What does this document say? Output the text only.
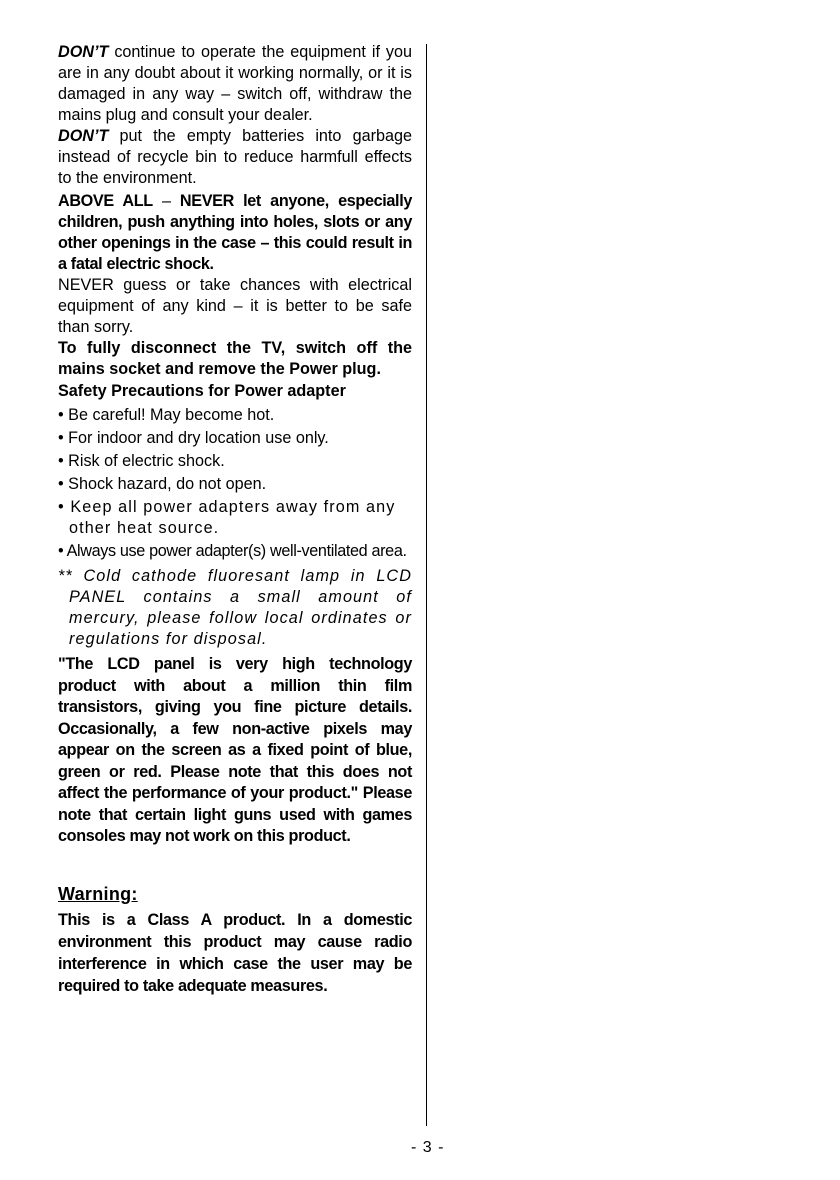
DON’T continue to operate the equipment if you are in any doubt about it working normally, or it is damaged in any way – switch off, withdraw the mains plug and consult your dealer.

DON’T put the empty batteries into garbage instead of recycle bin to reduce harmfull effects to the environment.

ABOVE ALL – NEVER let anyone, especially children, push anything into holes, slots or any other openings in the case – this could result in a fatal electric shock.

NEVER guess or take chances with electrical equipment of any kind – it is better to be safe than sorry.

To fully disconnect the TV, switch off the mains socket and remove the Power plug.

Safety Precautions for Power adapter

• Be careful! May become hot.

• For indoor and dry location use only.

• Risk of electric shock.

• Shock hazard, do not open.

• Keep all power adapters away from any other heat source.

• Always use power adapter(s) well-ventilated area.

** Cold cathode fluoresant lamp in LCD PANEL contains a small amount of mercury, please follow local ordinates or regulations for disposal.

"The LCD panel is very high technology product with about a million thin film transistors, giving you fine picture details. Occasionally, a few non-active pixels may appear on the screen as a fixed point of blue, green or red. Please note that this does not affect the performance of your product." Please note that certain light guns used with games consoles may not work on this product.

Warning:

This is a Class A product. In a domestic environment this product may cause radio interference in which case the user may be required to take adequate measures.

- 3 -
